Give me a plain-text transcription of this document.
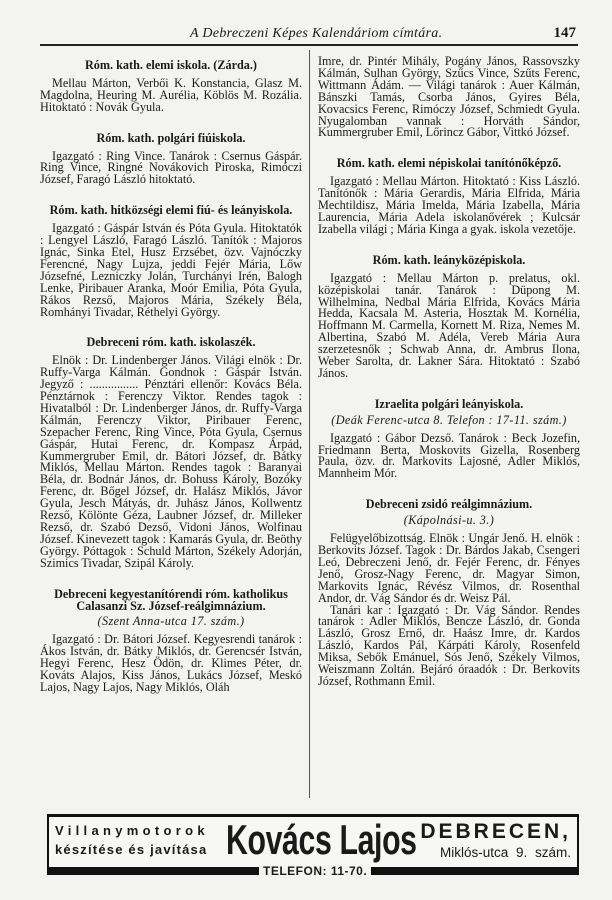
A Debreczeni Képes Kalendáriom címtára.	147
Róm. kath. elemi iskola. (Zárda.)

Mellau Márton, Verbői K. Konstancia, Glasz M. Magdolna, Heuring M. Aurélia, Köblös M. Rozália. Hitoktató : Novák Gyula.

Róm. kath. polgári fiúiskola.

Igazgató : Ring Vince. Tanárok : Csernus Gáspár. Ring Vince, Ringné Novákovich Piroska, Rimóczi József, Faragó László hitoktató.

Róm. kath. hitközségi elemi fiú- és leányiskola.

Igazgató : Gáspár István és Póta Gyula. Hitoktatók : Lengyel László, Faragó László. Tanítók : Majoros Ignác, Sinka Etel, Husz Erzsébet, özv. Vajnóczky Ferencné, Nagy Lujza, jeddi Fejér Mária, Lőw Józsefné, Lezniczky Jolán, Turchányi Irén, Balogh Lenke, Piribauer Aranka, Moór Emilia, Póta Gyula, Rákos Rezső, Majoros Mária, Székely Béla, Romhányi Tivadar, Réthelyi György.

Debreceni róm. kath. iskolaszék.

Elnök : Dr. Lindenberger János. Világi elnök : Dr. Ruffy-Varga Kálmán. Gondnok : Gáspár István. Jegyző : ................ Pénztári ellenőr: Kovács Béla. Pénztárnok : Ferenczy Viktor. Rendes tagok : Hivatalból : Dr. Lindenberger János, dr. Ruffy-Varga Kálmán, Ferenczy Viktor, Piribauer Ferenc, Szepacher Ferenc, Ring Vince, Póta Gyula, Csernus Gáspár, Hutai Ferenc, dr. Kompasz Árpád, Kummergruber Emil, dr. Bátori József, dr. Bátky Miklós, Mellau Márton. Rendes tagok : Baranyai Béla, dr. Bodnár János, dr. Bohuss Károly, Bozóky Ferenc, dr. Bőgel József, dr. Halász Miklós, Jávor Gyula, Jesch Mátyás, dr. Juhász János, Kollwentz Rezső, Kölönte Géza, Laubner József, dr. Milleker Rezső, dr. Szabó Dezső, Vidoni János, Wolfinau József. Kinevezett tagok : Kamarás Gyula, dr. Beöthy György. Póttagok : Schuld Márton, Székely Adorján, Szimics Tivadar, Szipál Károly.

Debreceni kegyestanítórendi róm. katholikus Calasanzi Sz. József-reálgimnázium.
(Szent Anna-utca 17. szám.)

Igazgató : Dr. Bátori József. Kegyesrendi tanárok : Ákos István, dr. Bátky Miklós, dr. Gerencsér István, Hegyi Ferenc, Hesz Ödön, dr. Klimes Péter, dr. Kováts Alajos, Kiss János, Lukács József, Meskó Lajos, Nagy Lajos, Nagy Miklós, Oláh

Imre, dr. Pintér Mihály, Pogány János, Rassovszky Kálmán, Sulhan György, Szűcs Vince, Szűts Ferenc, Wittmann Ádám. — Világi tanárok : Auer Kálmán, Bánszki Tamás, Csorba János, Gyires Béla, Kovacsics Ferenc, Rimóczy József, Schmiedt Gyula. Nyugalomban vannak : Horváth Sándor, Kummergruber Emil, Lőrincz Gábor, Vittkó József.

Róm. kath. elemi népiskolai tanítónőképző.

Igazgató : Mellau Márton. Hitoktató : Kiss László. Tanítónők : Mária Gerardis, Mária Elfrida, Mária Mechtildisz, Mária Imelda, Mária Izabella, Mária Laurencia, Mária Adela iskolanővérek ; Kulcsár Izabella világi ; Mária Kinga a gyak. iskola vezetője.

Róm. kath. leányközépiskola.

Igazgató : Mellau Márton p. prelatus, okl. középiskolai tanár. Tanárok : Düpong M. Wilhelmina, Nedbal Mária Elfrida, Kovács Mária Hedda, Kacsala M. Asteria, Hosztak M. Kornélia, Hoffmann M. Carmella, Kornett M. Riza, Nemes M. Albertina, Szabó M. Adéla, Vereb Mária Aura szerzetesnők ; Schwab Anna, dr. Ambrus Ilona, Weber Sarolta, dr. Lakner Sára. Hitoktató : Szabó János.

Izraelita polgári leányiskola.
(Deák Ferenc-utca 8. Telefon : 17-11. szám.)

Igazgató : Gábor Dezső. Tanárok : Beck Jozefin, Friedmann Berta, Moskovits Gizella, Rosenberg Paula, özv. dr. Markovits Lajosné, Adler Miklós, Mannheim Mór.

Debreceni zsidó reálgimnázium.
(Kápolnási-u. 3.)

Felügyelőbizottság. Elnök : Ungár Jenő. H. elnök : Berkovits József. Tagok : Dr. Bárdos Jakab, Csengeri Leó, Debreczeni Jenő, dr. Fejér Ferenc, dr. Fényes Jenő, Grosz-Nagy Ferenc, dr. Magyar Simon, Markovits Ignác, Révész Vilmos, dr. Rosenthal Andor, dr. Vág Sándor és dr. Weisz Pál.

Tanári kar : Igazgató : Dr. Vág Sándor. Rendes tanárok : Adler Miklós, Bencze László, dr. Gonda László, Grosz Ernő, dr. Haász Imre, dr. Kardos László, Kardos Pál, Kárpáti Károly, Rosenfeld Miksa, Sebők Emánuel, Sós Jenő, Székely Vilmos, Weiszmann Zoltán. Bejáró óraadók : Dr. Berkovits József, Rothmann Emil.

Villanymotorok
készítése és javítása Kovács Lajos DEBRECEN,
Miklós-utca 9. szám.
TELEFON: 11-70.
